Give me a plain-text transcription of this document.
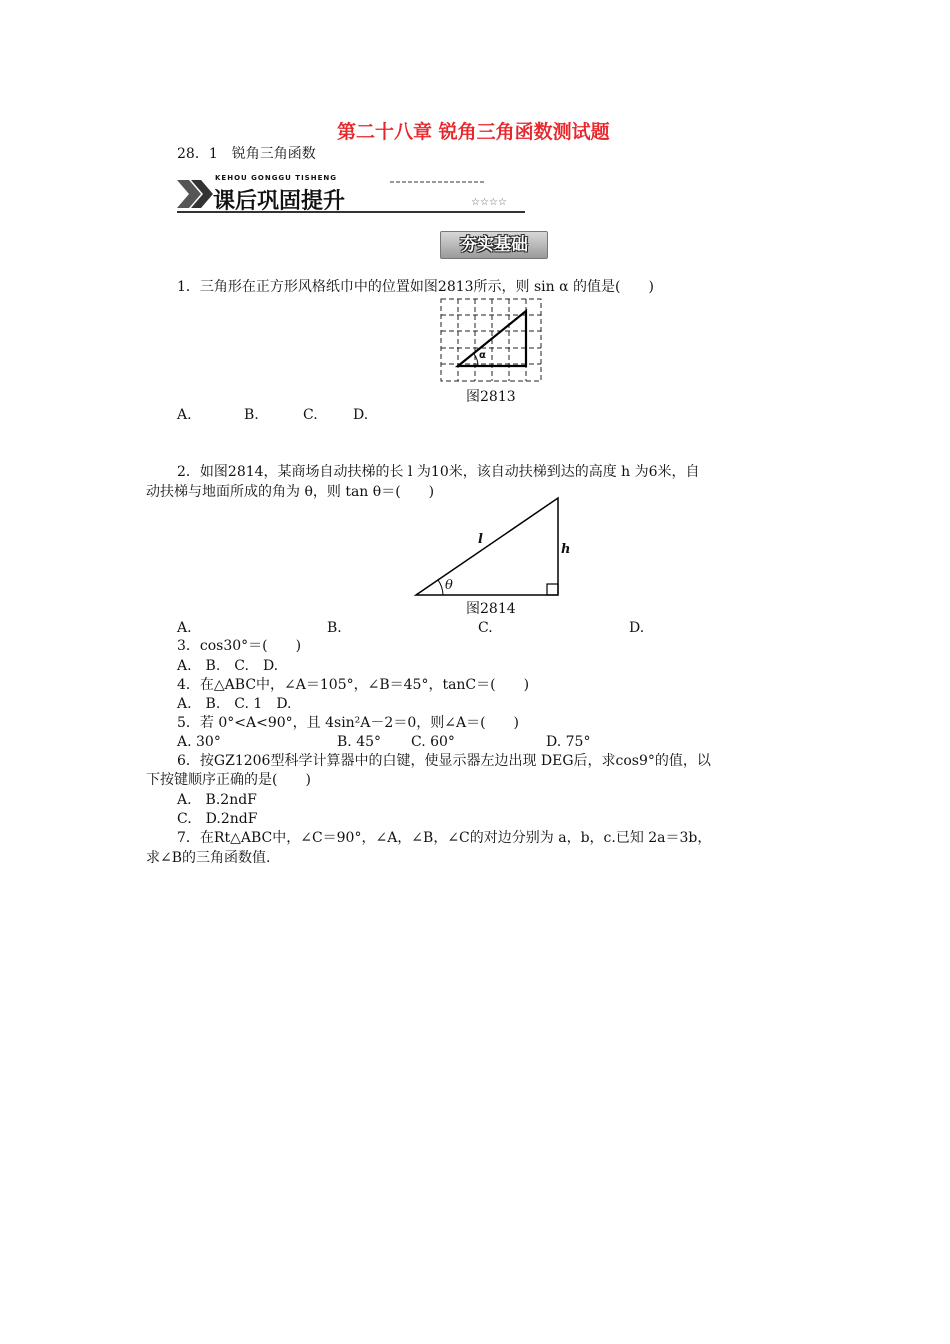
第二十八章 锐角三角函数测试题
28．1　锐角三角函数
KEHOU GONGGU TISHENG
课后巩固提升	☆☆☆☆
夯实基础
1．三角形在正方形风格纸巾中的位置如图2813所示，则 sin α 的值是(　　)
α
图2813
A.	B.	C.	D.
2．如图2814，某商场自动扶梯的长 l 为10米，该自动扶梯到达的高度 h 为6米，自
动扶梯与地面所成的角为 θ，则 tan θ＝(　　)
l
h
θ
图2814
A.	B.	C.	D.
3．cos30°＝(　　)
A.　B.　C.　D.
4．在△ABC中，∠A＝105°，∠B＝45°，tanC＝(　　)
A.　B.　C. 1　D.
5．若 0°<A<90°，且 4sin²A－2＝0，则∠A＝(　　)
A. 30°	B. 45° C. 60°	D. 75°
6．按GZ1206型科学计算器中的白键，使显示器左边出现 DEG后，求cos9°的值，以
下按键顺序正确的是(　　)
A.　B.2ndF
C.　D.2ndF
7．在Rt△ABC中，∠C＝90°，∠A，∠B，∠C的对边分别为 a，b，c.已知 2a＝3b，
求∠B的三角函数值.
